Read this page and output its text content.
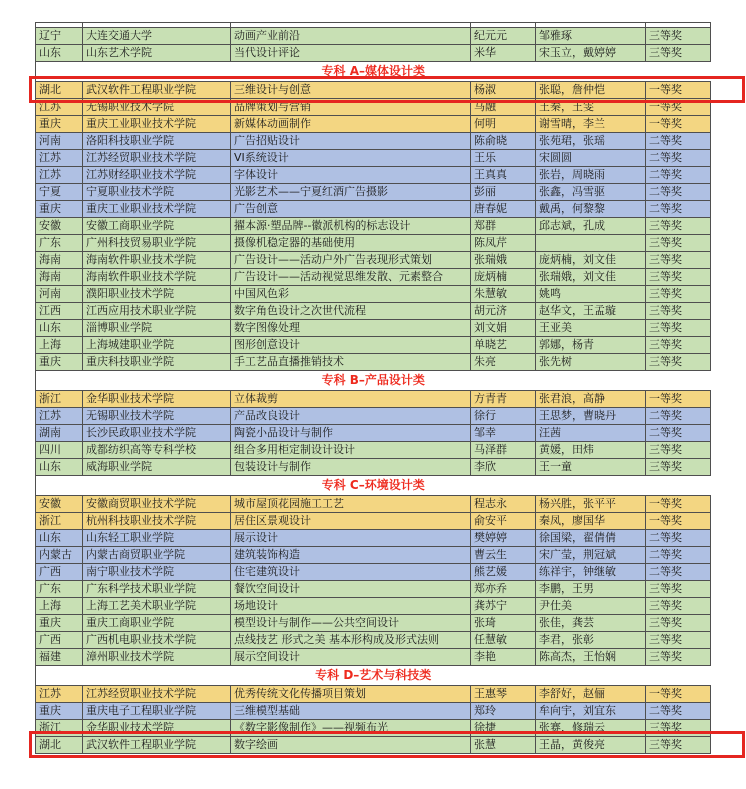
辽宁	大连交通大学	动画产业前沿	纪元元	邹雅琢	三等奖
山东	山东艺术学院	当代设计评论	米华	宋玉立，戴婷婷	三等奖
专科 A–媒体设计类					
湖北	武汉软件工程职业学院	三维设计与创意	杨淑	张聪，詹仲恺	一等奖
江苏	无锡职业技术学院	品牌策划与营销	马融	王秦，王雯	一等奖
重庆	重庆工业职业技术学院	新媒体动画制作	何明	谢雪晴，李兰	一等奖
河南	洛阳科技职业学院	广告招贴设计	陈俞晓	张苑珺，张瑶	二等奖
江苏	江苏经贸职业技术学院	VI系统设计	王乐	宋圆圆	二等奖
江苏	江苏财经职业技术学院	字体设计	王真真	张岩，周晓雨	二等奖
宁夏	宁夏职业技术学院	光影艺术——宁夏红酒广告摄影	彭丽	张鑫，冯雪驱	二等奖
重庆	重庆工业职业技术学院	广告创意	唐春妮	戴禹，何黎黎	二等奖
安徽	安徽工商职业学院	擢本源·塑品牌--徽派机构的标志设计	郑群	邱志斌，孔成	三等奖
广东	广州科技贸易职业学院	摄像机稳定器的基础使用	陈凤芹		三等奖
海南	海南软件职业技术学院	广告设计——活动户外广告表现形式策划	张瑞娥	庞炳楠，刘文佳	三等奖
海南	海南软件职业技术学院	广告设计——活动视觉思维发散、元素整合	庞炳楠	张瑞娥，刘文佳	三等奖
河南	濮阳职业技术学院	中国风色彩	朱慧敏	姚鸣	三等奖
江西	江西应用技术职业学院	数字角色设计之次世代流程	胡元济	赵华文，王孟璇	三等奖
山东	淄博职业学院	数字图像处理	刘文娟	王亚美	三等奖
上海	上海城建职业学院	图形创意设计	单晓艺	郭娜，杨青	三等奖
重庆	重庆科技职业学院	手工艺品直播推销技术	朱亮	张先树	三等奖
专科 B–产品设计类					
浙江	金华职业技术学院	立体裁剪	方青青	张君浪，高静	一等奖
江苏	无锡职业技术学院	产品改良设计	徐行	王思梦，曹晓丹	二等奖
湖南	长沙民政职业技术学院	陶瓷小品设计与制作	邹幸	汪茜	二等奖
四川	成都纺织高等专科学校	组合多用柜定制设计设计	马泽群	黄媛，田炜	三等奖
山东	威海职业学院	包装设计与制作	李欣	王一童	三等奖
专科 C–环境设计类					
安徽	安徽商贸职业技术学院	城市屋顶花园施工工艺	程志永	杨兴胜，张平平	一等奖
浙江	杭州科技职业技术学院	居住区景观设计	俞安平	秦凤，廖国华	一等奖
山东	山东轻工职业学院	展示设计	樊婷婷	徐国梁，翟倩倩	二等奖
内蒙古	内蒙古商贸职业学院	建筑装饰构造	曹云生	宋广莹，荆冠斌	二等奖
广西	南宁职业技术学院	住宅建筑设计	熊艺媛	练祥宇，钟继敏	二等奖
广东	广东科学技术职业学院	餐饮空间设计	郑亦乔	李鹏，王男	三等奖
上海	上海工艺美术职业学院	场地设计	龚苏宁	尹仕美	三等奖
重庆	重庆工商职业学院	模型设计与制作——公共空间设计	张琦	张佳，龚芸	三等奖
广西	广西机电职业技术学院	点线技艺 形式之美 基本形构成及形式法则	任慧敏	李君，张彰	三等奖
福建	漳州职业技术学院	展示空间设计	李艳	陈高杰，王怡娴	三等奖
专科 D–艺术与科技类					
江苏	江苏经贸职业技术学院	优秀传统文化传播项目策划	王惠琴	李舒好，赵俪	一等奖
重庆	重庆电子工程职业学院	三维模型基础	郑玲	牟向宇，刘宜东	二等奖
浙江	金华职业技术学院	《数字影像制作》——视频布光	徐捷	张赛，修瑞云	三等奖
湖北	武汉软件工程职业学院	数字绘画	张慧	王晶，黄俊亮	三等奖
